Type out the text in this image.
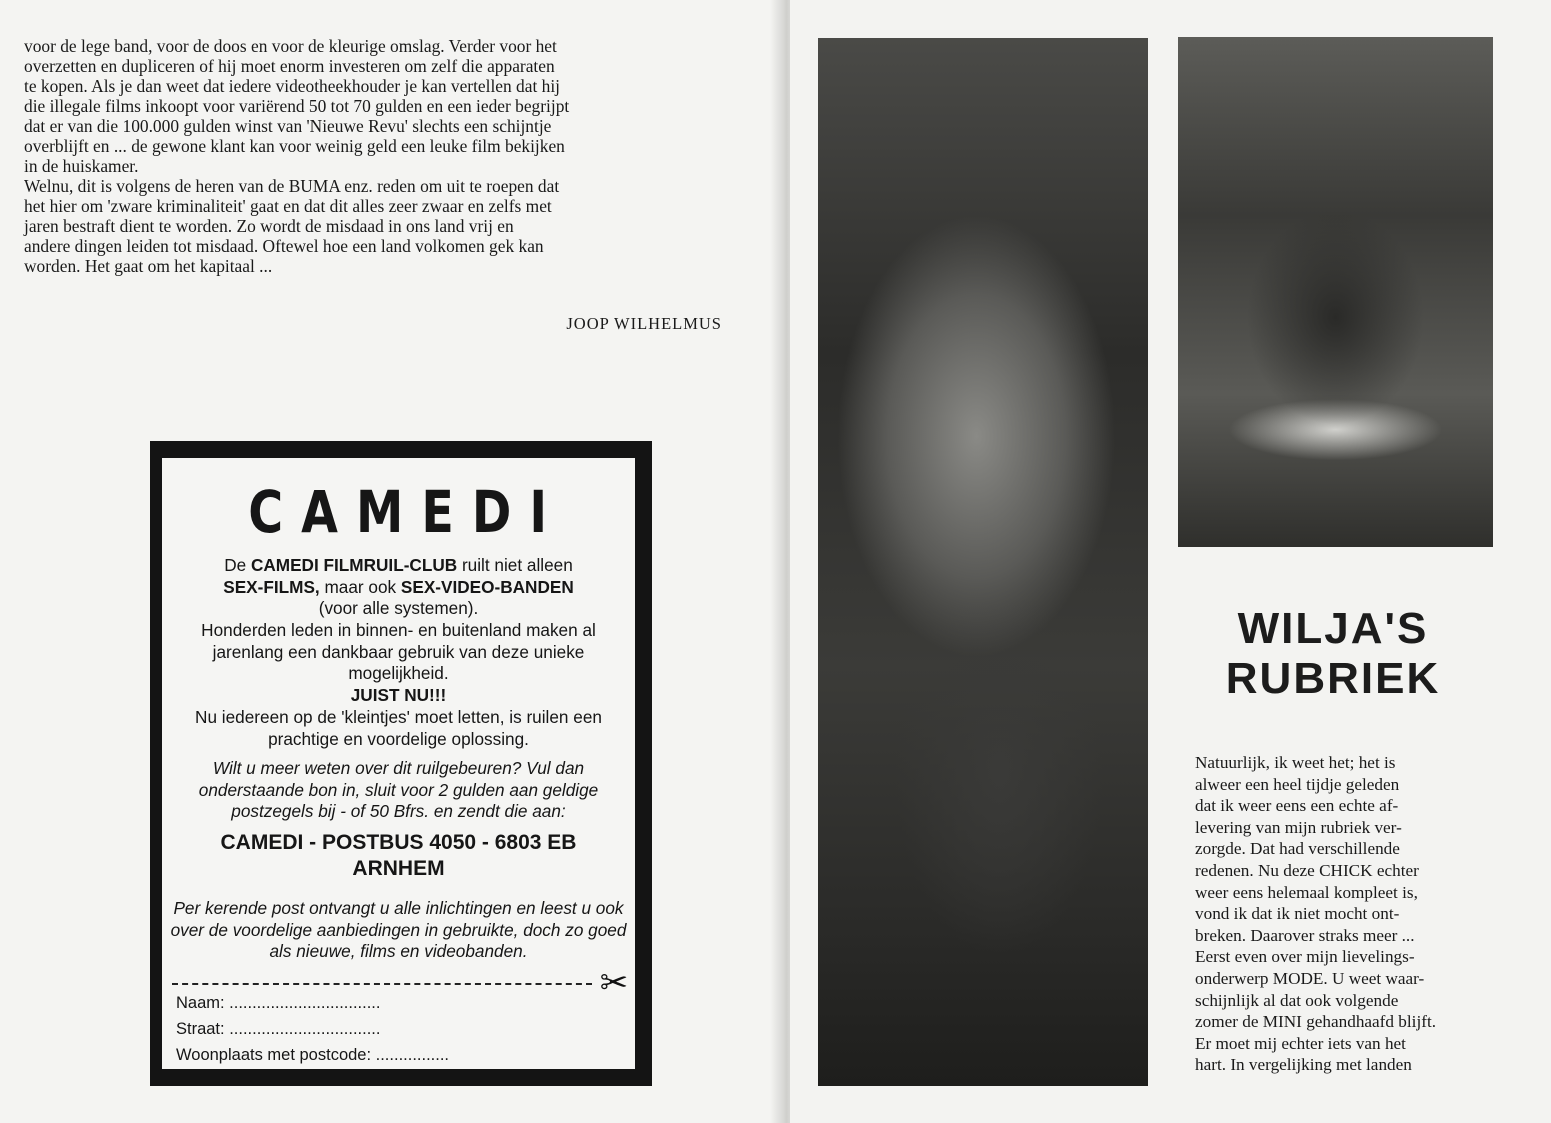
voor de lege band, voor de doos en voor de kleurige omslag. Verder voor het

overzetten en dupliceren of hij moet enorm investeren om zelf die apparaten

te kopen. Als je dan weet dat iedere videotheekhouder je kan vertellen dat hij

die illegale films inkoopt voor variërend 50 tot 70 gulden en een ieder begrijpt

dat er van die 100.000 gulden winst van 'Nieuwe Revu' slechts een schijntje

overblijft en ... de gewone klant kan voor weinig geld een leuke film bekijken

in de huiskamer.

Welnu, dit is volgens de heren van de BUMA enz. reden om uit te roepen dat

het hier om 'zware kriminaliteit' gaat en dat dit alles zeer zwaar en zelfs met

jaren bestraft dient te worden. Zo wordt de misdaad in ons land vrij en

andere dingen leiden tot misdaad. Oftewel hoe een land volkomen gek kan

worden. Het gaat om het kapitaal ...

JOOP WILHELMUS
CAMEDI
De CAMEDI FILMRUIL-CLUB ruilt niet alleen
SEX-FILMS, maar ook SEX-VIDEO-BANDEN
(voor alle systemen).
Honderden leden in binnen- en buitenland maken al jarenlang een dankbaar gebruik van deze unieke mogelijkheid.
JUIST NU!!!
Nu iedereen op de 'kleintjes' moet letten, is ruilen een prachtige en voordelige oplossing.
Wilt u meer weten over dit ruilgebeuren? Vul dan onderstaande bon in, sluit voor 2 gulden aan geldige postzegels bij - of 50 Bfrs. en zendt die aan:
CAMEDI - POSTBUS 4050 - 6803 EB
ARNHEM
Per kerende post ontvangt u alle inlichtingen en leest u ook over de voordelige aanbiedingen in gebruikte, doch zo goed als nieuwe, films en videobanden.
✂
Naam: .................................
Straat: .................................
Woonplaats met postcode: ................
WILJA'S
RUBRIEK
Natuurlijk, ik weet het; het is
alweer een heel tijdje geleden
dat ik weer eens een echte af-
levering van mijn rubriek ver-
zorgde. Dat had verschillende
redenen. Nu deze CHICK echter
weer eens helemaal kompleet is,
vond ik dat ik niet mocht ont-
breken. Daarover straks meer ...
Eerst even over mijn lievelings-
onderwerp MODE. U weet waar-
schijnlijk al dat ook volgende
zomer de MINI gehandhaafd blijft.
Er moet mij echter iets van het
hart. In vergelijking met landen
